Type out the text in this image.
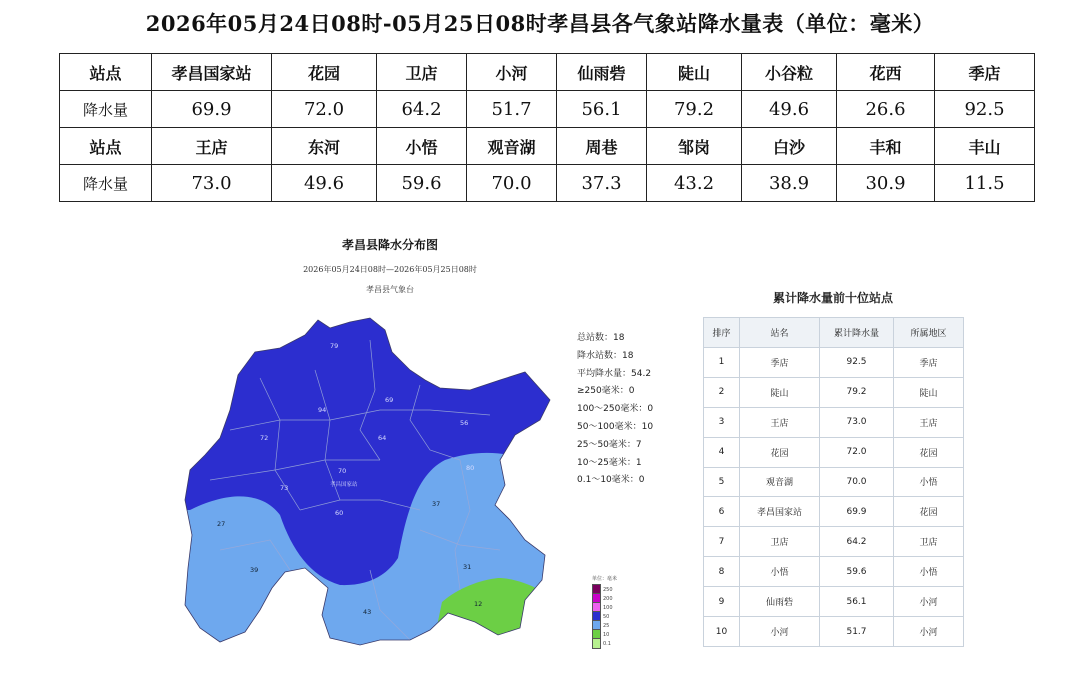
2026年05月24日08时-05月25日08时孝昌县各气象站降水量表（单位：毫米）
站点	孝昌国家站	花园	卫店	小河	仙雨砦	陡山	小谷粒	花西	季店
降水量	69.9	72.0	64.2	51.7	56.1	79.2	49.6	26.6	92.5
站点	王店	东河	小悟	观音湖	周巷	邹岗	白沙	丰和	丰山
降水量	73.0	49.6	59.6	70.0	37.3	43.2	38.9	30.9	11.5
孝昌县降水分布图
2026年05月24日08时—2026年05月25日08时
孝昌县气象台
79
94
69
72
56
64
80
70
73
60
孝昌国家站
37
27
39
43
31
12
总站数：18
降水站数：18
平均降水量：54.2
≥250毫米：0
100～250毫米：0
50～100毫米：10
25～50毫米：7
10～25毫米：1
0.1～10毫米：0
单位：毫米
250
200
100
50
25
10
0.1
累计降水量前十位站点
排序	站名	累计降水量	所属地区
1	季店	92.5	季店
2	陡山	79.2	陡山
3	王店	73.0	王店
4	花园	72.0	花园
5	观音湖	70.0	小悟
6	孝昌国家站	69.9	花园
7	卫店	64.2	卫店
8	小悟	59.6	小悟
9	仙雨砦	56.1	小河
10	小河	51.7	小河
